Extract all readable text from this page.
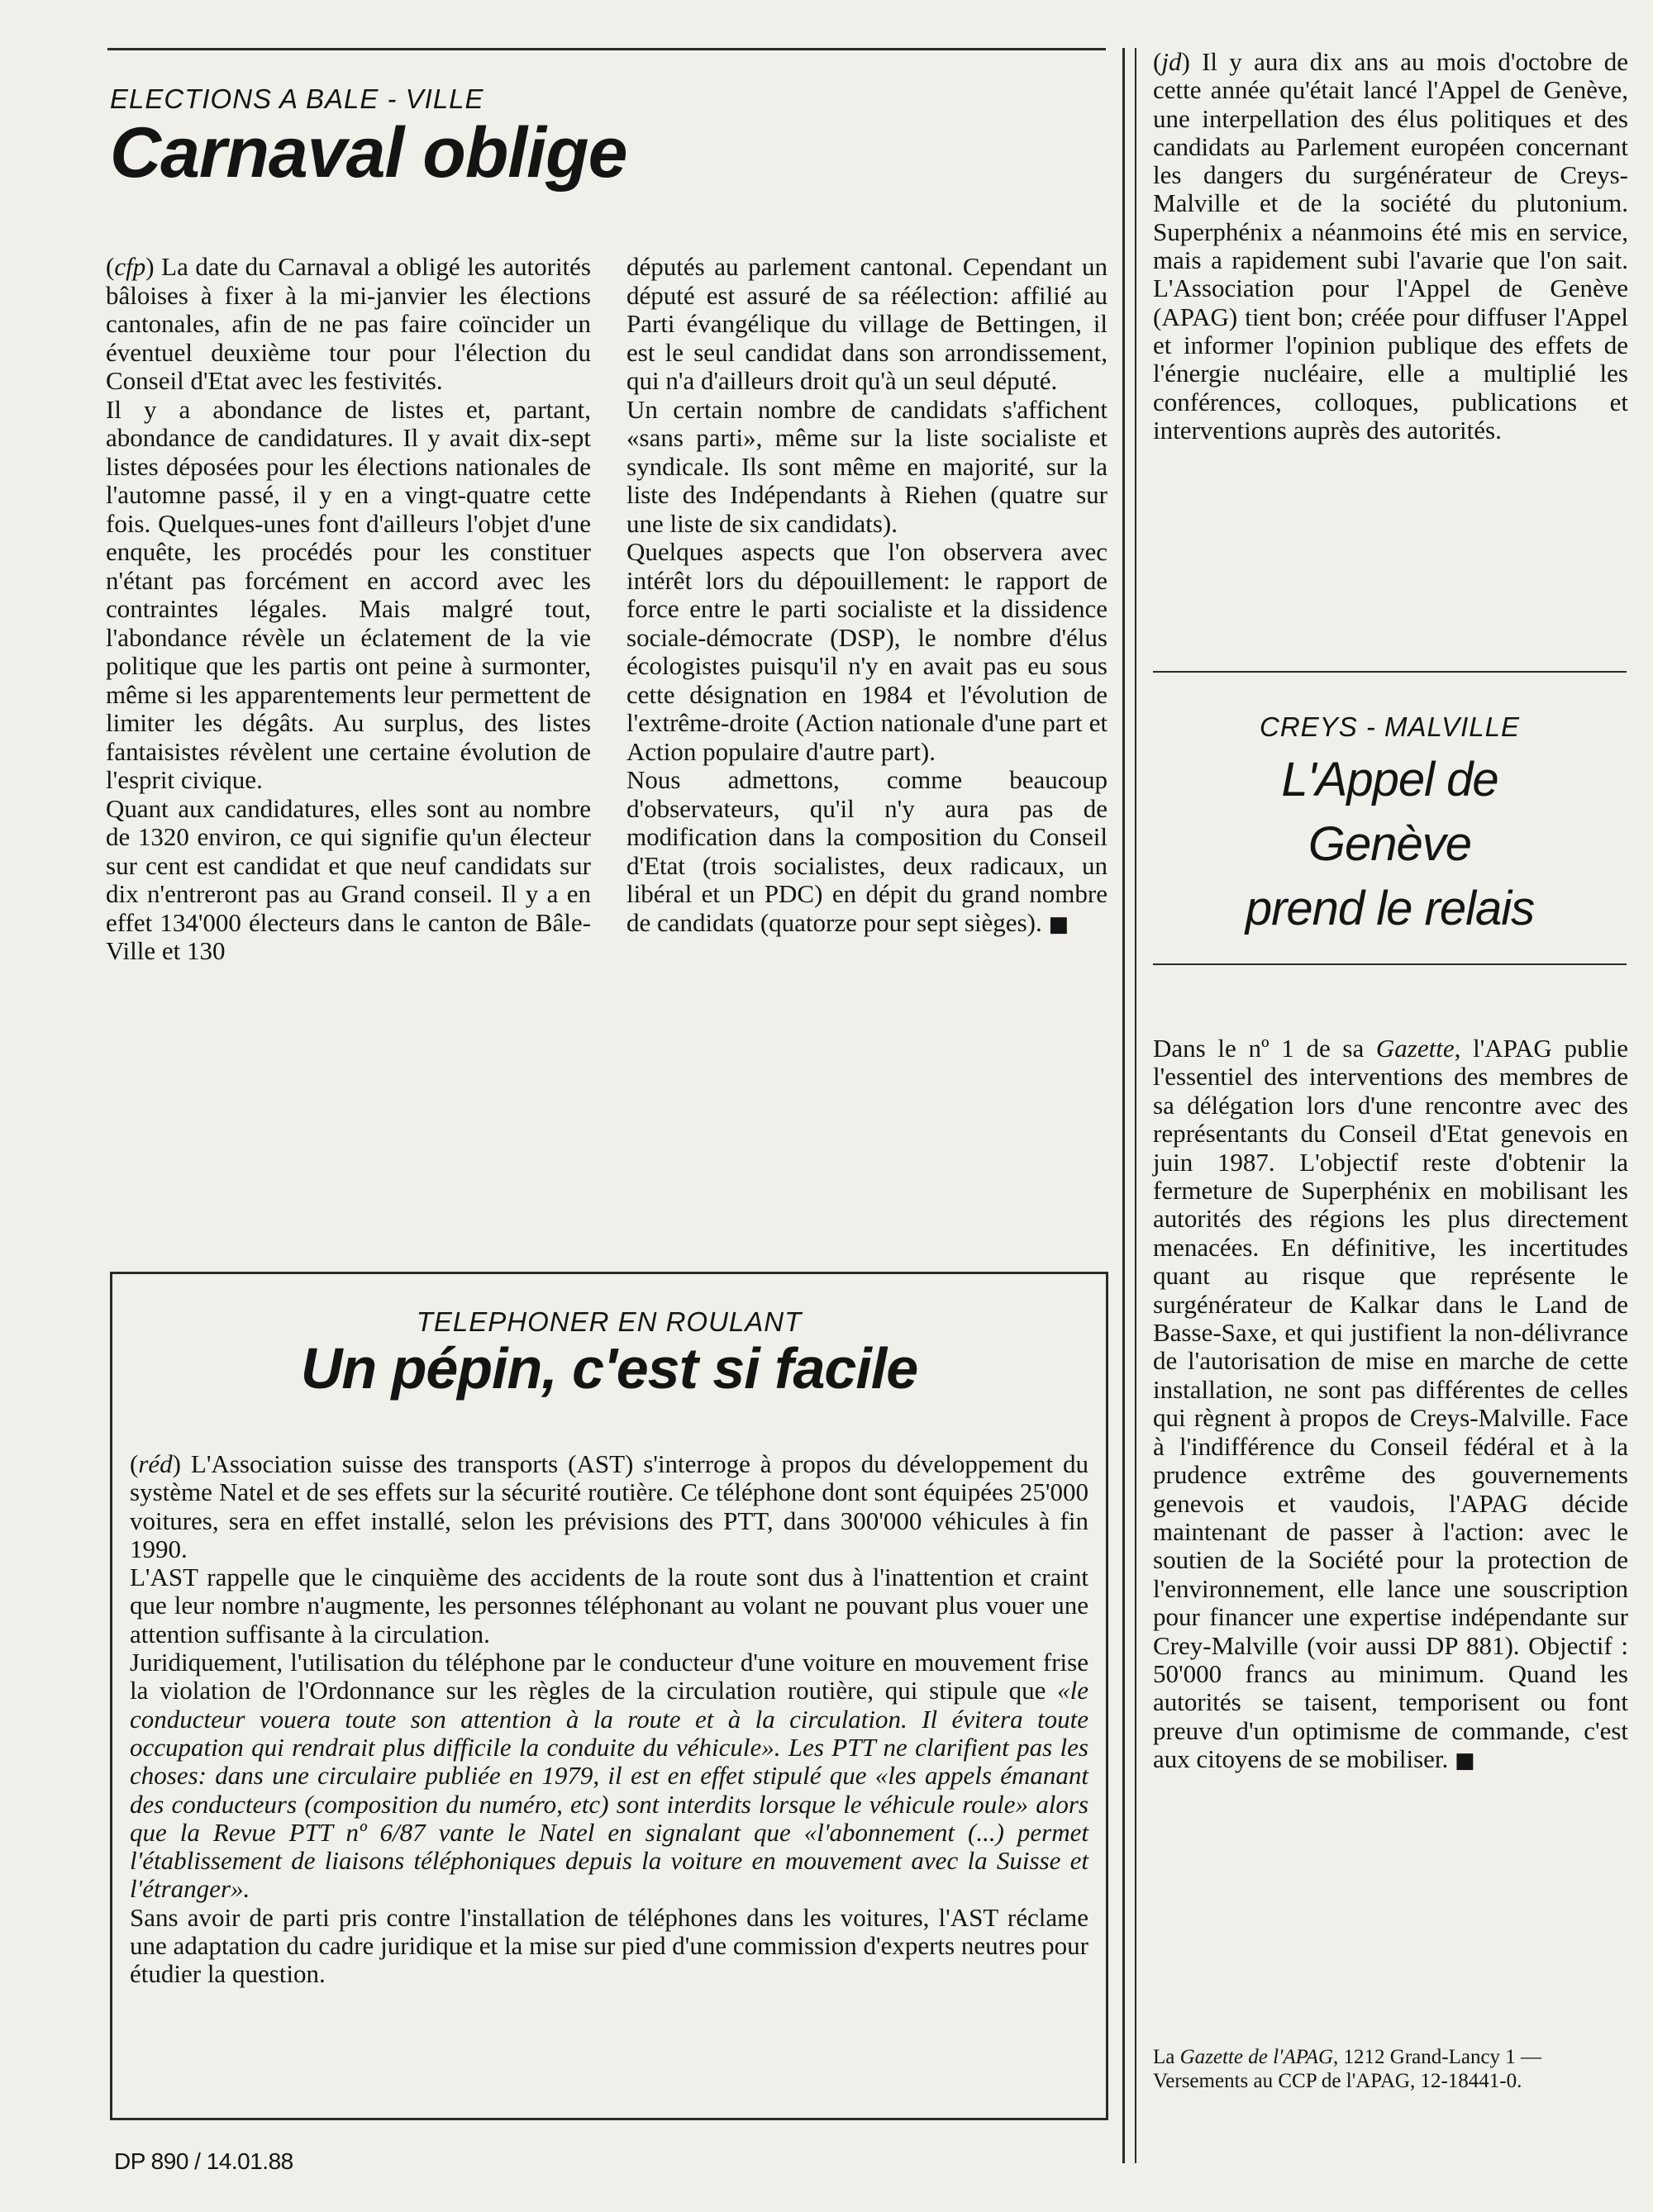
ELECTIONS A BALE - VILLE
Carnaval oblige

(cfp) La date du Carnaval a obligé les autorités bâloises à fixer à la mi-janvier les élections cantonales, afin de ne pas faire coïncider un éventuel deuxième tour pour l'élection du Conseil d'Etat avec les festivités.

Il y a abondance de listes et, partant, abondance de candidatures. Il y avait dix-sept listes déposées pour les élections nationales de l'automne passé, il y en a vingt-quatre cette fois. Quelques-unes font d'ailleurs l'objet d'une enquête, les procédés pour les constituer n'étant pas forcément en accord avec les contraintes légales. Mais malgré tout, l'abondance révèle un éclatement de la vie politique que les partis ont peine à surmonter, même si les apparentements leur permettent de limiter les dégâts. Au surplus, des listes fantaisistes révèlent une certaine évolution de l'esprit civique.

Quant aux candidatures, elles sont au nombre de 1320 environ, ce qui signifie qu'un électeur sur cent est candidat et que neuf candidats sur dix n'entreront pas au Grand conseil. Il y a en effet 134'000 électeurs dans le canton de Bâle-Ville et 130

députés au parlement cantonal. Cependant un député est assuré de sa réélection: affilié au Parti évangélique du village de Bettingen, il est le seul candidat dans son arrondissement, qui n'a d'ailleurs droit qu'à un seul député.

Un certain nombre de candidats s'affichent «sans parti», même sur la liste socialiste et syndicale. Ils sont même en majorité, sur la liste des Indépendants à Riehen (quatre sur une liste de six candidats).

Quelques aspects que l'on observera avec intérêt lors du dépouillement: le rapport de force entre le parti socialiste et la dissidence sociale-démocrate (DSP), le nombre d'élus écologistes puisqu'il n'y en avait pas eu sous cette désignation en 1984 et l'évolution de l'extrême-droite (Action nationale d'une part et Action populaire d'autre part).

Nous admettons, comme beaucoup d'observateurs, qu'il n'y aura pas de modification dans la composition du Conseil d'Etat (trois socialistes, deux radicaux, un libéral et un PDC) en dépit du grand nombre de candidats (quatorze pour sept sièges). ■

TELEPHONER EN ROULANT
Un pépin, c'est si facile

(réd) L'Association suisse des transports (AST) s'interroge à propos du développement du système Natel et de ses effets sur la sécurité routière. Ce téléphone dont sont équipées 25'000 voitures, sera en effet installé, selon les prévisions des PTT, dans 300'000 véhicules à fin 1990.

L'AST rappelle que le cinquième des accidents de la route sont dus à l'inattention et craint que leur nombre n'augmente, les personnes téléphonant au volant ne pouvant plus vouer une attention suffisante à la circulation.

Juridiquement, l'utilisation du téléphone par le conducteur d'une voiture en mouvement frise la violation de l'Ordonnance sur les règles de la circulation routière, qui stipule que «le conducteur vouera toute son attention à la route et à la circulation. Il évitera toute occupation qui rendrait plus difficile la conduite du véhicule». Les PTT ne clarifient pas les choses: dans une circulaire publiée en 1979, il est en effet stipulé que «les appels émanant des conducteurs (composition du numéro, etc) sont interdits lorsque le véhicule roule» alors que la Revue PTT nº 6/87 vante le Natel en signalant que «l'abonnement (...) permet l'établissement de liaisons téléphoniques depuis la voiture en mouvement avec la Suisse et l'étranger».

Sans avoir de parti pris contre l'installation de téléphones dans les voitures, l'AST réclame une adaptation du cadre juridique et la mise sur pied d'une commission d'experts neutres pour étudier la question.

(jd) Il y aura dix ans au mois d'octobre de cette année qu'était lancé l'Appel de Genève, une interpellation des élus politiques et des candidats au Parlement européen concernant les dangers du surgénérateur de Creys-Malville et de la société du plutonium. Superphénix a néanmoins été mis en service, mais a rapidement subi l'avarie que l'on sait. L'Association pour l'Appel de Genève (APAG) tient bon; créée pour diffuser l'Appel et informer l'opinion publique des effets de l'énergie nucléaire, elle a multiplié les conférences, colloques, publications et interventions auprès des autorités.

CREYS - MALVILLE
L'Appel de
Genève
prend le relais

Dans le nº 1 de sa Gazette, l'APAG publie l'essentiel des interventions des membres de sa délégation lors d'une rencontre avec des représentants du Conseil d'Etat genevois en juin 1987. L'objectif reste d'obtenir la fermeture de Superphénix en mobilisant les autorités des régions les plus directement menacées. En définitive, les incertitudes quant au risque que représente le surgénérateur de Kalkar dans le Land de Basse-Saxe, et qui justifient la non-délivrance de l'autorisation de mise en marche de cette installation, ne sont pas différentes de celles qui règnent à propos de Creys-Malville. Face à l'indifférence du Conseil fédéral et à la prudence extrême des gouvernements genevois et vaudois, l'APAG décide maintenant de passer à l'action: avec le soutien de la Société pour la protection de l'environnement, elle lance une souscription pour financer une expertise indépendante sur Crey-Malville (voir aussi DP 881). Objectif : 50'000 francs au minimum. Quand les autorités se taisent, temporisent ou font preuve d'un optimisme de commande, c'est aux citoyens de se mobiliser. ■

La Gazette de l'APAG, 1212 Grand-Lancy 1 — Versements au CCP de l'APAG, 12-18441-0.
DP 890 / 14.01.88
